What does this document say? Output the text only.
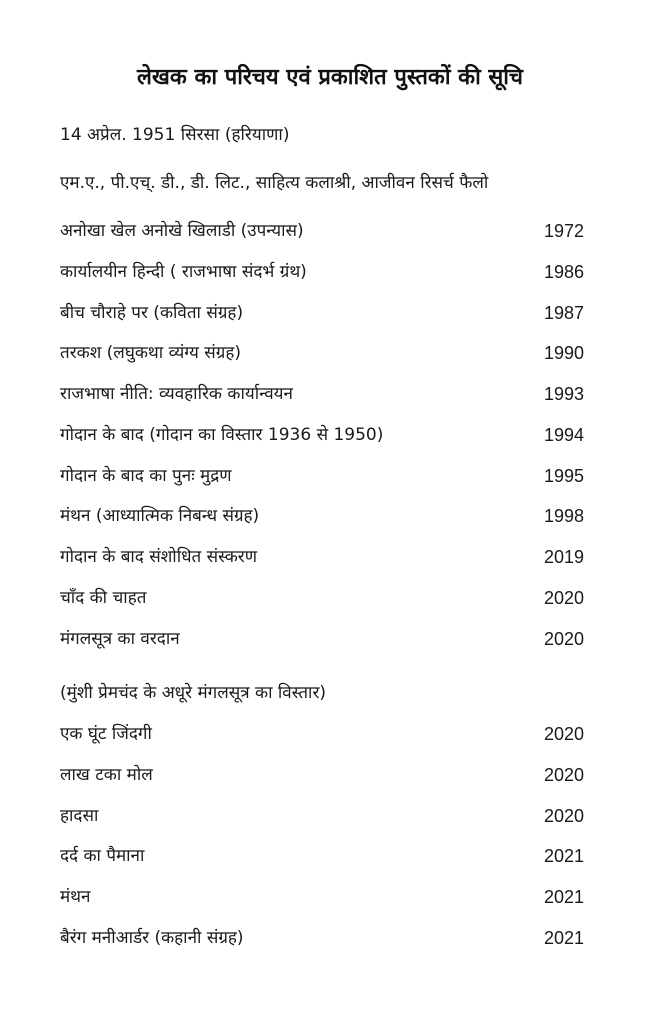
लेखक का परिचय एवं प्रकाशित पुस्तकों की सूचि
14 अप्रेल. 1951 सिरसा (हरियाणा)
एम.ए., पी.एच्. डी., डी. लिट., साहित्य कलाश्री, आजीवन रिसर्च फैलो
अनोखा खेल अनोखे खिलाडी (उपन्यास)	1972
कार्यालयीन हिन्दी ( राजभाषा संदर्भ ग्रंथ)	1986
बीच चौराहे पर (कविता संग्रह)	1987
तरकश (लघुकथा व्यंग्य संग्रह)	1990
राजभाषा नीति: व्यवहारिक कार्यान्वयन	1993
गोदान के बाद (गोदान का विस्तार 1936 से 1950)	1994
गोदान के बाद का पुनः मुद्रण	1995
मंथन (आध्यात्मिक निबन्ध संग्रह)	1998
गोदान के बाद संशोधित संस्करण	2019
चाँद की चाहत	2020
मंगलसूत्र का वरदान	2020
(मुंशी प्रेमचंद के अधूरे मंगलसूत्र का विस्तार)
एक घूंट जिंदगी	2020
लाख टका मोल	2020
हादसा	2020
दर्द का पैमाना	2021
मंथन	2021
बैरंग मनीआर्डर (कहानी संग्रह)	2021
